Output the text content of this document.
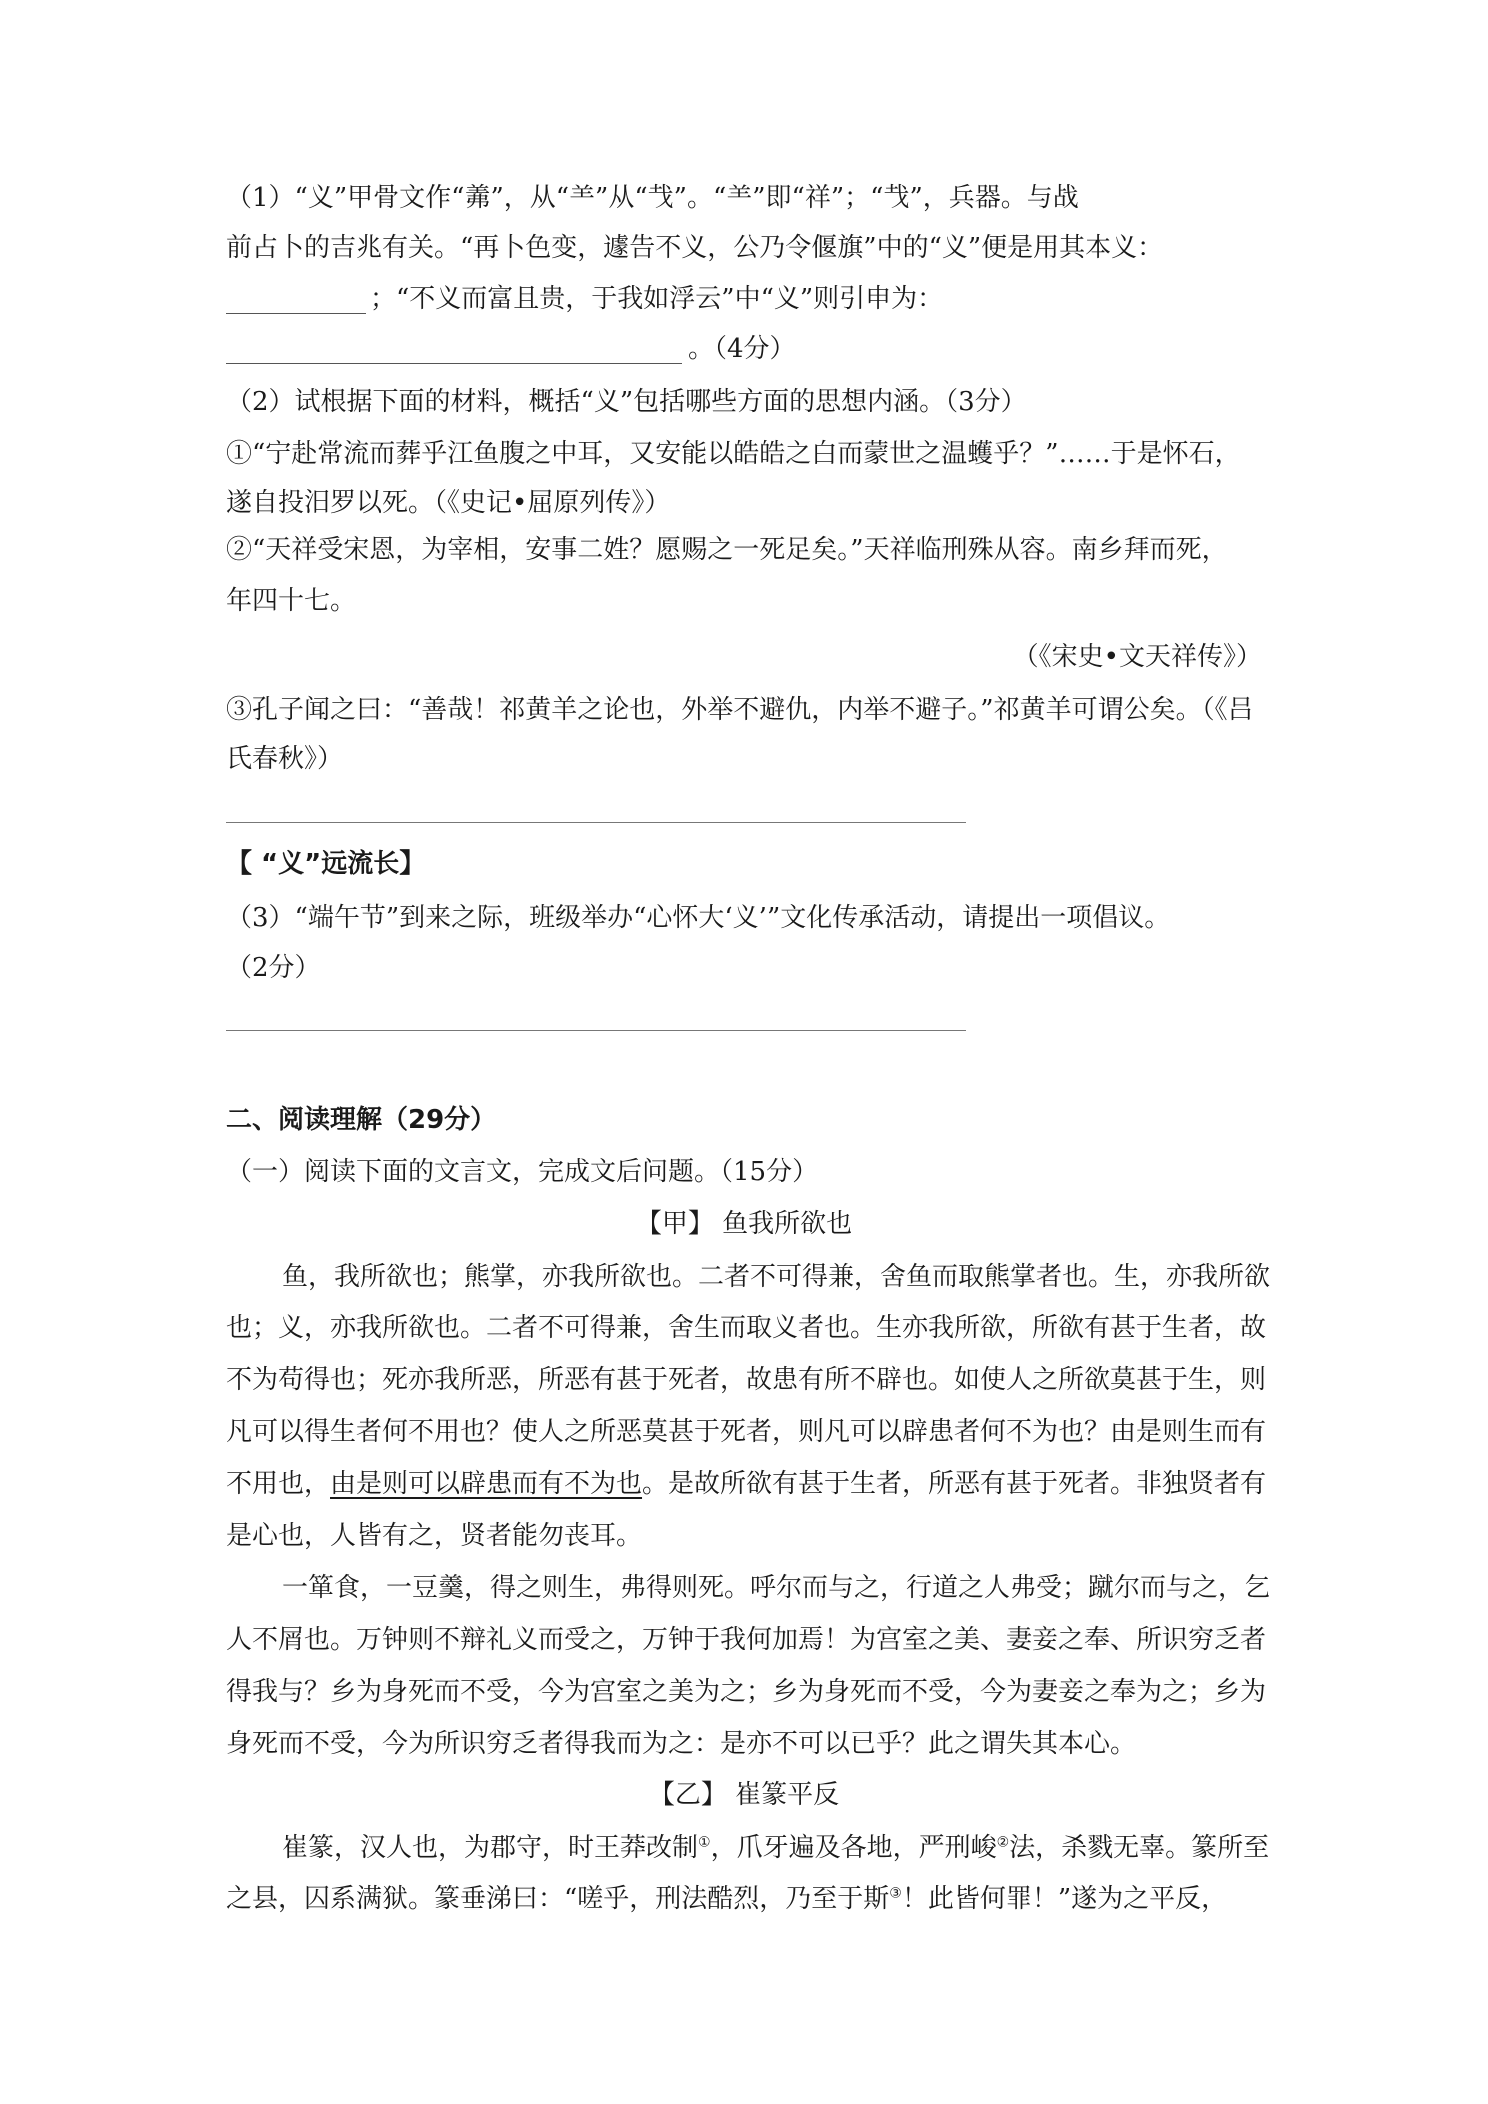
（1）“义”甲骨文作“羛”，从“⺷”从“𢦏”。“⺷”即“祥”；“𢦏”，兵器。与战
前占卜的吉兆有关。“再卜色变，遽告不义，公乃令偃旗”中的“义”便是用其本义：
；“不义而富且贵，于我如浮云”中“义”则引申为：
。（4分）
（2）试根据下面的材料，概括“义”包括哪些方面的思想内涵。（3分）
①“宁赴常流而葬乎江鱼腹之中耳，又安能以皓皓之白而蒙世之温蠖乎？”……于是怀石，
遂自投汨罗以死。（《史记•屈原列传》）
②“天祥受宋恩，为宰相，安事二姓？愿赐之一死足矣。”天祥临刑殊从容。南乡拜而死，
年四十七。
（《宋史•文天祥传》）
③孔子闻之曰：“善哉！祁黄羊之论也，外举不避仇，内举不避子。”祁黄羊可谓公矣。（《吕
氏春秋》）
【 “义”远流长】
（3）“端午节”到来之际，班级举办“心怀大‘义’”文化传承活动，请提出一项倡议。
（2分）
二、阅读理解（29分）
（一）阅读下面的文言文，完成文后问题。（15分）
【甲】 鱼我所欲也
鱼，我所欲也；熊掌，亦我所欲也。二者不可得兼，舍鱼而取熊掌者也。生，亦我所欲
也；义，亦我所欲也。二者不可得兼，舍生而取义者也。生亦我所欲，所欲有甚于生者，故
不为苟得也；死亦我所恶，所恶有甚于死者，故患有所不辟也。如使人之所欲莫甚于生，则
凡可以得生者何不用也？使人之所恶莫甚于死者，则凡可以辟患者何不为也？由是则生而有
不用也，由是则可以辟患而有不为也。是故所欲有甚于生者，所恶有甚于死者。非独贤者有
是心也，人皆有之，贤者能勿丧耳。
一箪食，一豆羹，得之则生，弗得则死。呼尔而与之，行道之人弗受；蹴尔而与之，乞
人不屑也。万钟则不辩礼义而受之，万钟于我何加焉！为宫室之美、妻妾之奉、所识穷乏者
得我与？乡为身死而不受，今为宫室之美为之；乡为身死而不受，今为妻妾之奉为之；乡为
身死而不受，今为所识穷乏者得我而为之：是亦不可以已乎？此之谓失其本心。
【乙】 崔篆平反
崔篆，汉人也，为郡守，时王莽改制①，爪牙遍及各地，严刑峻②法，杀戮无辜。篆所至
之县，囚系满狱。篆垂涕曰：“嗟乎，刑法酷烈，乃至于斯③！此皆何罪！”遂为之平反，
